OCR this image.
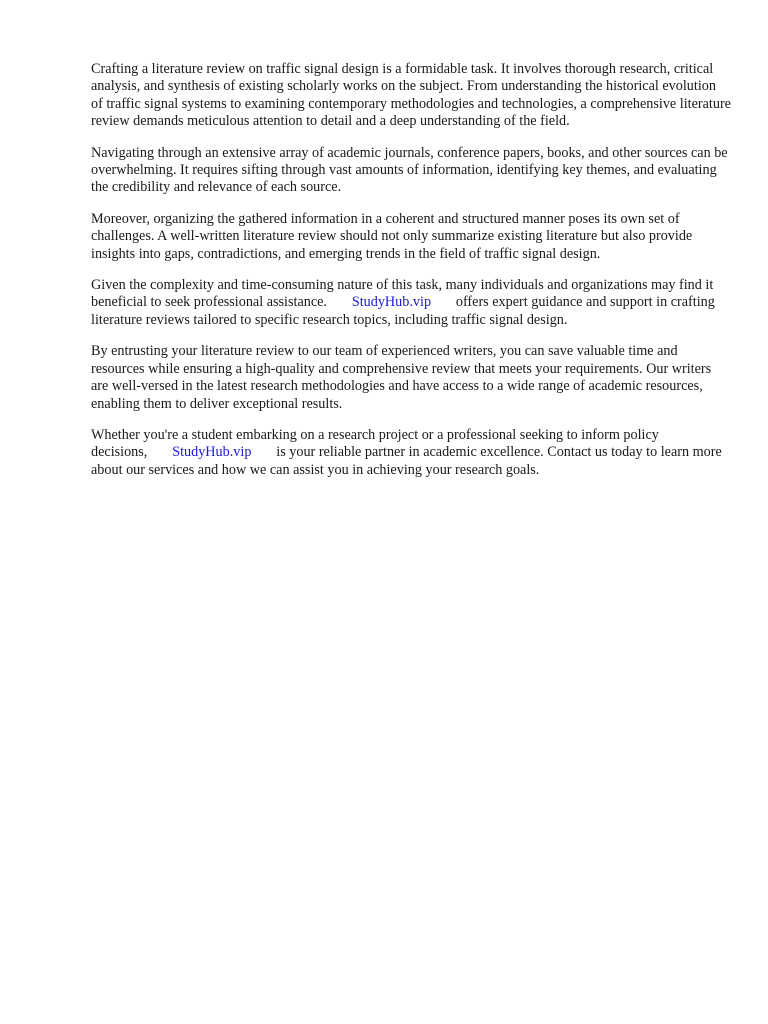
Crafting a literature review on traffic signal design is a formidable task. It involves thorough research, critical analysis, and synthesis of existing scholarly works on the subject. From understanding the historical evolution of traffic signal systems to examining contemporary methodologies and technologies, a comprehensive literature review demands meticulous attention to detail and a deep understanding of the field.

Navigating through an extensive array of academic journals, conference papers, books, and other sources can be overwhelming. It requires sifting through vast amounts of information, identifying key themes, and evaluating the credibility and relevance of each source.

Moreover, organizing the gathered information in a coherent and structured manner poses its own set of challenges. A well-written literature review should not only summarize existing literature but also provide insights into gaps, contradictions, and emerging trends in the field of traffic signal design.

Given the complexity and time-consuming nature of this task, many individuals and organizations may find it beneficial to seek professional assistance. StudyHub.vip offers expert guidance and support in crafting literature reviews tailored to specific research topics, including traffic signal design.

By entrusting your literature review to our team of experienced writers, you can save valuable time and resources while ensuring a high-quality and comprehensive review that meets your requirements. Our writers are well-versed in the latest research methodologies and have access to a wide range of academic resources, enabling them to deliver exceptional results.

Whether you're a student embarking on a research project or a professional seeking to inform policy decisions, StudyHub.vip is your reliable partner in academic excellence. Contact us today to learn more about our services and how we can assist you in achieving your research goals.
